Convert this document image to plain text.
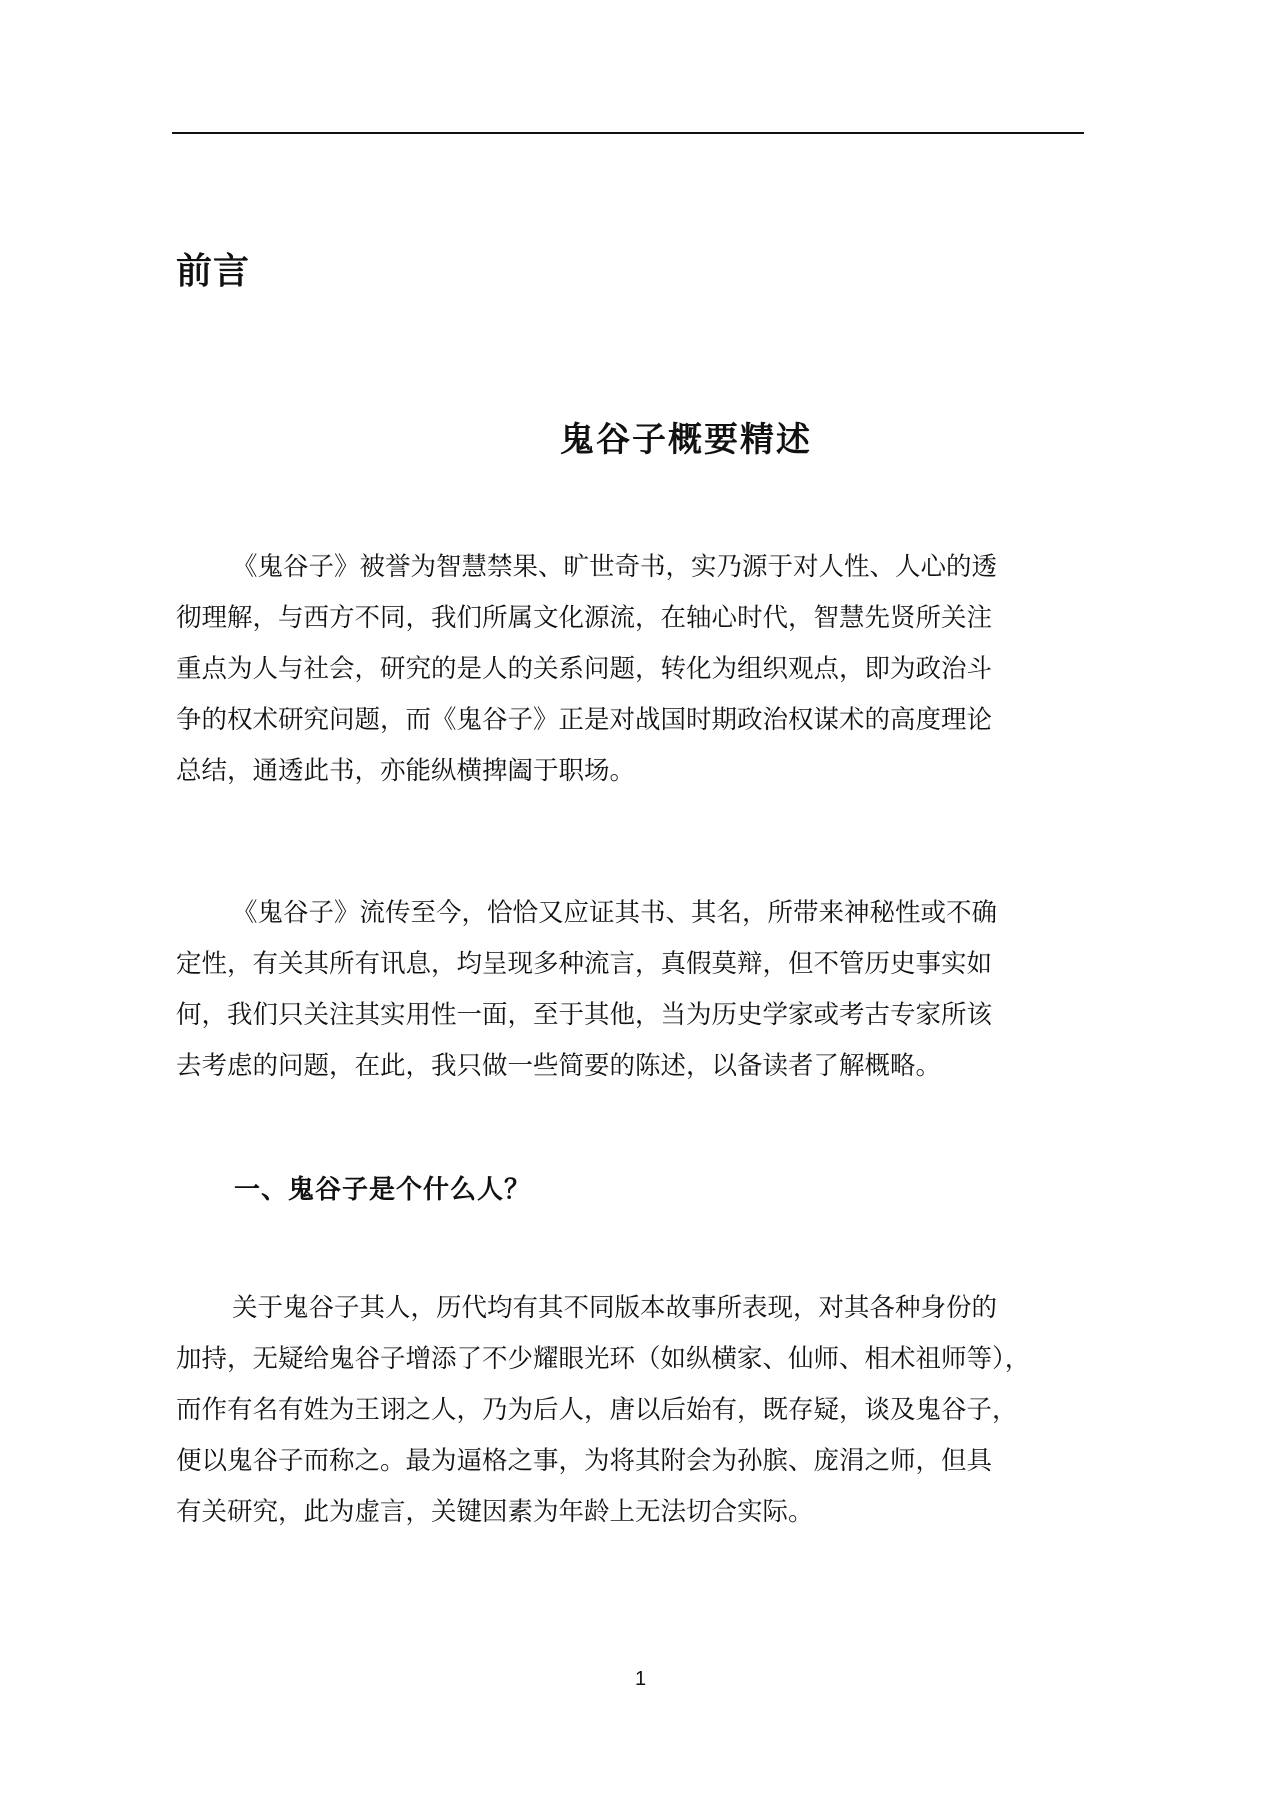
前言
鬼谷子概要精述

《鬼谷子》被誉为智慧禁果、旷世奇书，实乃源于对人性、人心的透
彻理解，与西方不同，我们所属文化源流，在轴心时代，智慧先贤所关注
重点为人与社会，研究的是人的关系问题，转化为组织观点，即为政治斗
争的权术研究问题，而《鬼谷子》正是对战国时期政治权谋术的高度理论
总结，通透此书，亦能纵横捭阖于职场。

《鬼谷子》流传至今，恰恰又应证其书、其名，所带来神秘性或不确
定性，有关其所有讯息，均呈现多种流言，真假莫辩，但不管历史事实如
何，我们只关注其实用性一面，至于其他，当为历史学家或考古专家所该
去考虑的问题，在此，我只做一些简要的陈述，以备读者了解概略。

一、鬼谷子是个什么人？

关于鬼谷子其人，历代均有其不同版本故事所表现，对其各种身份的
加持，无疑给鬼谷子增添了不少耀眼光环（如纵横家、仙师、相术祖师等），
而作有名有姓为王诩之人，乃为后人，唐以后始有，既存疑，谈及鬼谷子，
便以鬼谷子而称之。最为逼格之事，为将其附会为孙膑、庞涓之师，但具
有关研究，此为虚言，关键因素为年龄上无法切合实际。

1
